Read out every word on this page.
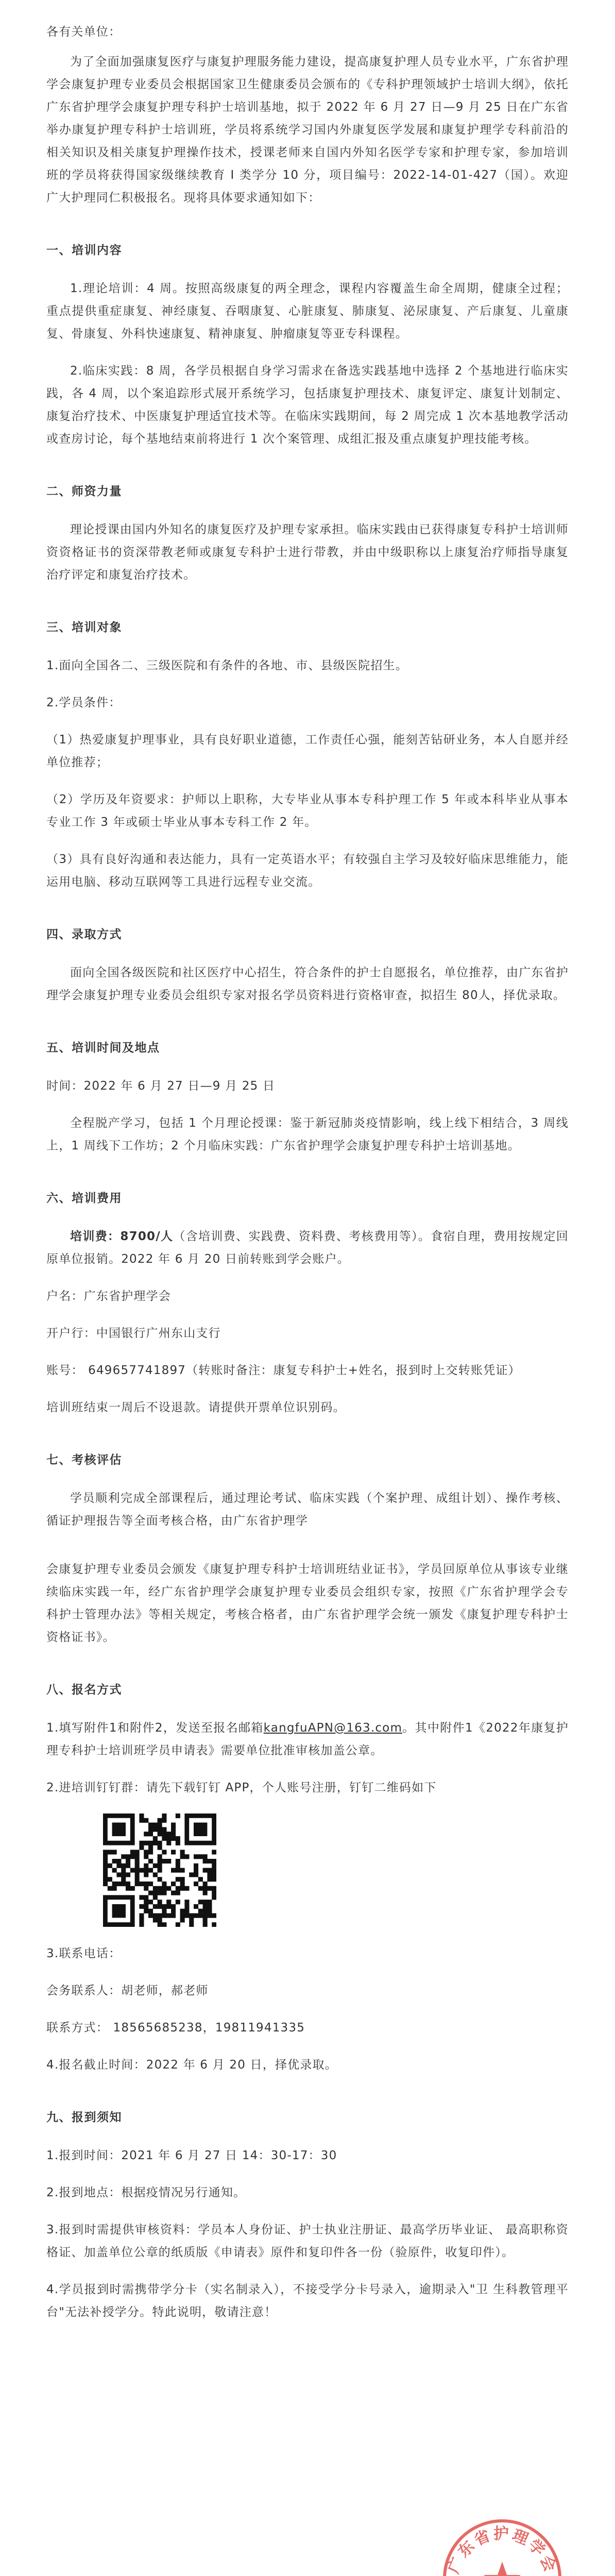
各有关单位：

为了全面加强康复医疗与康复护理服务能力建设，提高康复护理人员专业水平，广东省护理学会康复护理专业委员会根据国家卫生健康委员会颁布的《专科护理领域护士培训大纲》，依托广东省护理学会康复护理专科护士培训基地，拟于 2022 年 6 月 27 日—9 月 25 日在广东省举办康复护理专科护士培训班，学员将系统学习国内外康复医学发展和康复护理学专科前沿的相关知识及相关康复护理操作技术，授课老师来自国内外知名医学专家和护理专家，参加培训班的学员将获得国家级继续教育 I 类学分 10 分，项目编号：2022-14-01-427（国）。欢迎广大护理同仁积极报名。现将具体要求通知如下：

一、培训内容

1.理论培训：4 周。按照高级康复的两全理念，课程内容覆盖生命全周期，健康全过程；重点提供重症康复、神经康复、吞咽康复、心脏康复、肺康复、泌尿康复、产后康复、儿童康复、骨康复、外科快速康复、精神康复、肿瘤康复等亚专科课程。

2.临床实践：8 周，各学员根据自身学习需求在备选实践基地中选择 2 个基地进行临床实践，各 4 周，以个案追踪形式展开系统学习，包括康复护理技术、康复评定、康复计划制定、康复治疗技术、中医康复护理适宜技术等。在临床实践期间，每 2 周完成 1 次本基地教学活动或查房讨论，每个基地结束前将进行 1 次个案管理、成组汇报及重点康复护理技能考核。

二、师资力量

理论授课由国内外知名的康复医疗及护理专家承担。临床实践由已获得康复专科护士培训师资资格证书的资深带教老师或康复专科护士进行带教，并由中级职称以上康复治疗师指导康复治疗评定和康复治疗技术。

三、培训对象

1.面向全国各二、三级医院和有条件的各地、市、县级医院招生。

2.学员条件：

（1）热爱康复护理事业，具有良好职业道德，工作责任心强，能刻苦钻研业务，本人自愿并经单位推荐；

（2）学历及年资要求：护师以上职称，大专毕业从事本专科护理工作 5 年或本科毕业从事本专业工作 3 年或硕士毕业从事本专科工作 2 年。

（3）具有良好沟通和表达能力，具有一定英语水平；有较强自主学习及较好临床思维能力，能运用电脑、移动互联网等工具进行远程专业交流。

四、录取方式

面向全国各级医院和社区医疗中心招生，符合条件的护士自愿报名，单位推荐，由广东省护理学会康复护理专业委员会组织专家对报名学员资料进行资格审查，拟招生 80人，择优录取。

五、培训时间及地点

时间：2022 年 6 月 27 日—9 月 25 日

全程脱产学习，包括 1 个月理论授课：鉴于新冠肺炎疫情影响，线上线下相结合，3 周线上，1 周线下工作坊；2 个月临床实践：广东省护理学会康复护理专科护士培训基地。

六、培训费用

培训费：8700/人（含培训费、实践费、资料费、考核费用等）。食宿自理，费用按规定回原单位报销。2022 年 6 月 20 日前转账到学会账户。

户名：广东省护理学会

开户行：中国银行广州东山支行

账号： 649657741897（转账时备注：康复专科护士+姓名，报到时上交转账凭证）

培训班结束一周后不设退款。请提供开票单位识别码。

七、考核评估

学员顺利完成全部课程后，通过理论考试、临床实践（个案护理、成组计划）、操作考核、循证护理报告等全面考核合格，由广东省护理学

会康复护理专业委员会颁发《康复护理专科护士培训班结业证书》，学员回原单位从事该专业继续临床实践一年，经广东省护理学会康复护理专业委员会组织专家，按照《广东省护理学会专科护士管理办法》等相关规定，考核合格者，由广东省护理学会统一颁发《康复护理专科护士资格证书》。

八、报名方式

1.填写附件1和附件2，发送至报名邮箱kangfuAPN@163.com。其中附件1《2022年康复护理专科护士培训班学员申请表》需要单位批准审核加盖公章。

2.进培训钉钉群：请先下载钉钉 APP，个人账号注册，钉钉二维码如下

3.联系电话：

会务联系人：胡老师，郝老师

联系方式： 18565685238，19811941335

4.报名截止时间：2022 年 6 月 20 日，择优录取。

九、报到须知

1.报到时间：2021 年 6 月 27 日 14：30-17：30

2.报到地点：根据疫情况另行通知。

3.报到时需提供审核资料：学员本人身份证、护士执业注册证、最高学历毕业证、 最高职称资格证、加盖单位公章的纸质版《申请表》原件和复印件各一份（验原件，收复印件）。

4.学员报到时需携带学分卡（实名制录入），不接受学分卡号录入，逾期录入"卫 生科教管理平台"无法补授学分。特此说明，敬请注意！

广东省护理学会
